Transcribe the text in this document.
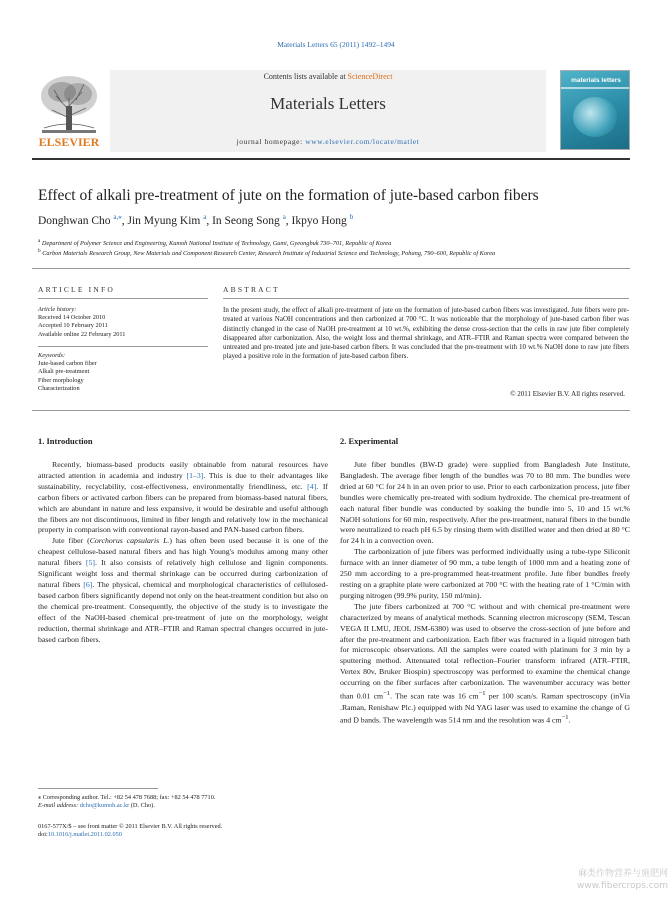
Materials Letters 65 (2011) 1492–1494
ELSEVIER
Contents lists available at ScienceDirect
Materials Letters
journal homepage: www.elsevier.com/locate/matlet
materials letters
Effect of alkali pre-treatment of jute on the formation of jute-based carbon fibers
Donghwan Cho $^{a,⁎}$, Jin Myung Kim $^a$, In Seong Song $^a$, Ikpyo Hong $^b$
$^a$ Department of Polymer Science and Engineering, Kumoh National Institute of Technology, Gumi, Gyeongbuk 730–701, Republic of Korea
$^b$ Carbon Materials Research Group, New Materials and Component Research Center, Research Institute of Industrial Science and Technology, Pohang, 790–600, Republic of Korea
ARTICLE INFO
Article history:
Received 14 October 2010
Accepted 10 February 2011
Available online 22 February 2011
Keywords:
Jute-based carbon fiber
Alkali pre-treatment
Fiber morphology
Characterization
ABSTRACT
In the present study, the effect of alkali pre-treatment of jute on the formation of jute-based carbon fibers was investigated. Jute fibers were pre-treated at various NaOH concentrations and then carbonized at 700 °C. It was noticeable that the morphology of jute-based carbon fiber was distinctly changed in the case of NaOH pre-treatment at 10 wt.%, exhibiting the dense cross-section that the cells in raw jute fiber completely disappeared after carbonization. Also, the weight loss and thermal shrinkage, and ATR–FTIR and Raman spectra were compared between the untreated and pre-treated jute and jute-based carbon fibers. It was concluded that the pre-treatment with 10 wt.% NaOH done to raw jute fibers played a positive role in the formation of jute-based carbon fibers.
© 2011 Elsevier B.V. All rights reserved.
1. Introduction

Recently, biomass-based products easily obtainable from natural resources have attracted attention in academia and industry [1–3]. This is due to their advantages like sustainability, recyclability, cost-effectiveness, environmentally friendliness, etc. [4]. If carbon fibers or activated carbon fibers can be prepared from biomass-based natural fibers, which are abundant in nature and less expansive, it would be desirable and useful although the fibers are not discontinuous, limited in fiber length and relatively low in the mechanical property in comparison with conventional rayon-based and PAN-based carbon fibers.

Jute fiber (Corchorus capsularis L.) has often been used because it is one of the cheapest cellulose-based natural fibers and has high Young's modulus among many other natural fibers [5]. It also consists of relatively high cellulose and lignin components. Significant weight loss and thermal shrinkage can be occurred during carbonization of natural fibers [6]. The physical, chemical and morphological characteristics of cellulosed-based carbon fibers significantly depend not only on the heat-treatment condition but also on the chemical pre-treatment. Consequently, the objective of the study is to investigate the effect of the NaOH-based chemical pre-treatment of jute on the morphology, weight reduction, thermal shrinkage and ATR–FTIR and Raman spectral changes occurred in jute-based carbon fibers.

2. Experimental

Jute fiber bundles (BW-D grade) were supplied from Bangladesh Jute Institute, Bangladesh. The average fiber length of the bundles was 70 to 80 mm. The bundles were dried at 60 °C for 24 h in an oven prior to use. Prior to each carbonization process, jute fiber bundles were chemically pre-treated with sodium hydroxide. The chemical pre-treatment of each natural fiber bundle was conducted by soaking the bundle into 5, 10 and 15 wt.% NaOH solutions for 60 min, respectively. After the pre-treatment, natural fibers in the bundle were neutralized to reach pH 6.5 by rinsing them with distilled water and then dried at 80 °C for 24 h in a convection oven.

The carbonization of jute fibers was performed individually using a tube-type Siliconit furnace with an inner diameter of 90 mm, a tube length of 1000 mm and a heating zone of 250 mm according to a pre-programmed heat-treatment profile. Jute fiber bundles freely resting on a graphite plate were carbonized at 700 °C with the heating rate of 1 °C/min with purging nitrogen (99.9% purity, 150 ml/min).

The jute fibers carbonized at 700 °C without and with chemical pre-treatment were characterized by means of analytical methods. Scanning electron microscopy (SEM, Tescan VEGA II LMU, JEOL JSM-6380) was used to observe the cross-section of jute before and after the pre-treatment and carbonization. Each fiber was fractured in a liquid nitrogen bath for microscopic observations. All the samples were coated with platinum for 3 min by a sputtering method. Attenuated total reflection–Fourier transform infrared (ATR–FTIR, Vertex 80v, Bruker Biospin) spectroscopy was performed to examine the chemical change occurring on the fiber surfaces after carbonization. The wavenumber accuracy was better than 0.01 $cm^{-1}$. The scan rate was 16 $cm^{-1}$ per 100 scan/s. Raman spectroscopy (inVia .Raman, Renishaw Plc.) equipped with Nd YAG laser was used to examine the change of G and D bands. The wavelength was 514 nm and the resolution was 4 $cm^{-1}$.

⁎ Corresponding author. Tel.: +82 54 478 7688; fax: +82 54 478 7710.
E-mail address: dcho@kumoh.ac.kr (D. Cho).
0167-577X/$ – see front matter © 2011 Elsevier B.V. All rights reserved.
doi:10.1016/j.matlet.2011.02.050
麻类作物营养与施肥网
www.fibercrops.com
